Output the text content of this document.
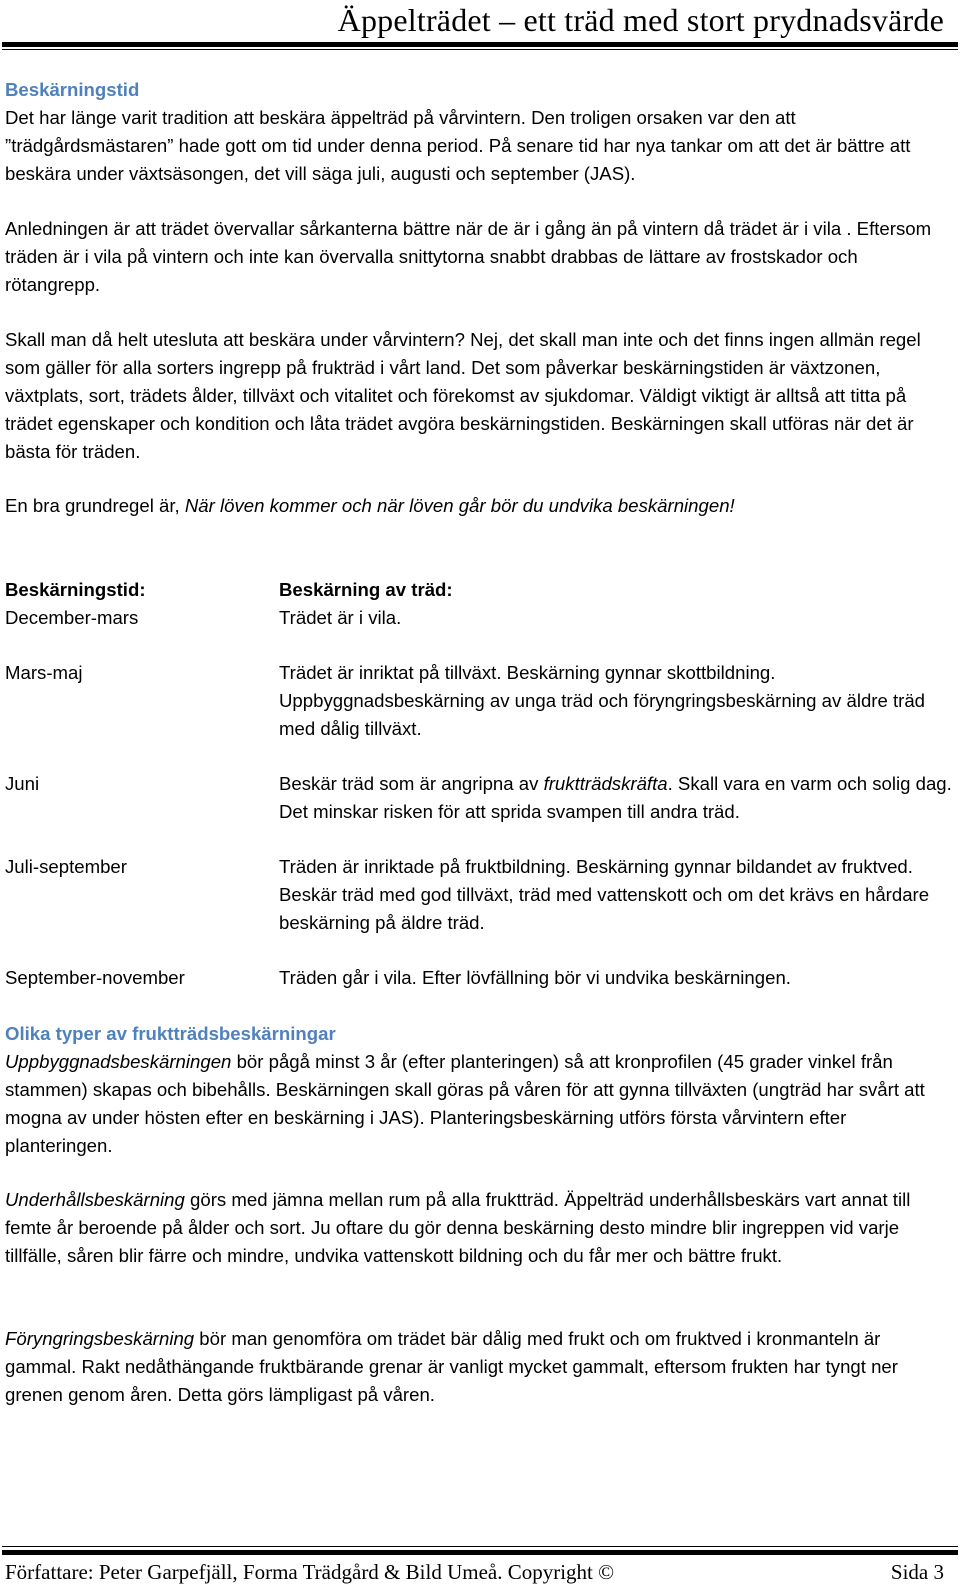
Äppelträdet – ett träd med stort prydnadsvärde

Beskärningstid

Det har länge varit tradition att beskära äppelträd på vårvintern. Den troligen orsaken var den att ”trädgårdsmästaren” hade gott om tid under denna period. På senare tid har nya tankar om att det är bättre att beskära under växtsäsongen, det vill säga juli, augusti och september (JAS).

Anledningen är att trädet övervallar sårkanterna bättre när de är i gång än på vintern då trädet är i vila . Eftersom träden är i vila på vintern och inte kan övervalla snittytorna snabbt drabbas de lättare av frostskador och rötangrepp.

Skall man då helt utesluta att beskära under vårvintern? Nej, det skall man inte och det finns ingen allmän regel som gäller för alla sorters ingrepp på frukträd i vårt land. Det som påverkar beskärningstiden är växtzonen, växtplats, sort, trädets ålder, tillväxt och vitalitet och förekomst av sjukdomar. Väldigt viktigt är alltså att titta på trädet egenskaper och kondition och låta trädet avgöra beskärningstiden. Beskärningen skall utföras när det är bästa för träden.

En bra grundregel är, När löven kommer och när löven går bör du undvika beskärningen!

Beskärningstid:	Beskärning av träd:

December-mars	Trädet är i vila.

Mars-maj	Trädet är inriktat på tillväxt. Beskärning gynnar skottbildning. Uppbyggnadsbeskärning av unga träd och föryngringsbeskärning av äldre träd med dålig tillväxt.

Juni	Beskär träd som är angripna av fruktträdskräfta. Skall vara en varm och solig dag. Det minskar risken för att sprida svampen till andra träd.

Juli-september	Träden är inriktade på fruktbildning. Beskärning gynnar bildandet av fruktved. Beskär träd med god tillväxt, träd med vattenskott och om det krävs en hårdare beskärning på äldre träd.

September-november	Träden går i vila. Efter lövfällning bör vi undvika beskärningen.

Olika typer av fruktträdsbeskärningar

Uppbyggnadsbeskärningen bör pågå minst 3 år (efter planteringen) så att kronprofilen (45 grader vinkel från stammen) skapas och bibehålls. Beskärningen skall göras på våren för att gynna tillväxten (ungträd har svårt att mogna av under hösten efter en beskärning i JAS). Planteringsbeskärning utförs första vårvintern efter planteringen.

Underhållsbeskärning görs med jämna mellan rum på alla fruktträd. Äppelträd underhållsbeskärs vart annat till femte år beroende på ålder och sort. Ju oftare du gör denna beskärning desto mindre blir ingreppen vid varje tillfälle, såren blir färre och mindre, undvika vattenskott bildning och du får mer och bättre frukt.

Föryngringsbeskärning bör man genomföra om trädet bär dålig med frukt och om fruktved i kronmanteln är gammal. Rakt nedåthängande fruktbärande grenar är vanligt mycket gammalt, eftersom frukten har tyngt ner grenen genom åren. Detta görs lämpligast på våren.

Författare: Peter Garpefjäll, Forma Trädgård & Bild Umeå. Copyright ©	Sida 3
